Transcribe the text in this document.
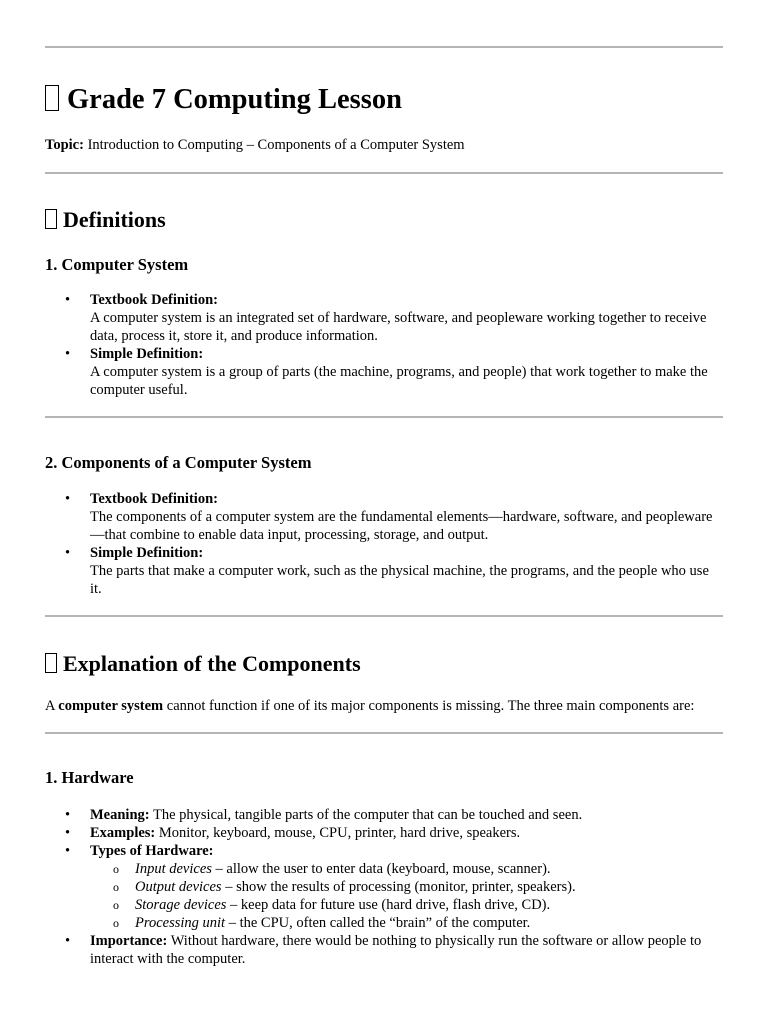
Grade 7 Computing Lesson

Topic: Introduction to Computing – Components of a Computer System

Definitions
1. Computer System
• Textbook Definition:
A computer system is an integrated set of hardware, software, and peopleware working together to receive data, process it, store it, and produce information.
• Simple Definition:
A computer system is a group of parts (the machine, programs, and people) that work together to make the computer useful.
2. Components of a Computer System
• Textbook Definition:
The components of a computer system are the fundamental elements—hardware, software, and peopleware—that combine to enable data input, processing, storage, and output.
• Simple Definition:
The parts that make a computer work, such as the physical machine, the programs, and the people who use it.
Explanation of the Components

A computer system cannot function if one of its major components is missing. The three main components are:

1. Hardware
• Meaning: The physical, tangible parts of the computer that can be touched and seen.
• Examples: Monitor, keyboard, mouse, CPU, printer, hard drive, speakers.
• Types of Hardware:
o Input devices – allow the user to enter data (keyboard, mouse, scanner).
o Output devices – show the results of processing (monitor, printer, speakers).
o Storage devices – keep data for future use (hard drive, flash drive, CD).
o Processing unit – the CPU, often called the “brain” of the computer.
• Importance: Without hardware, there would be nothing to physically run the software or allow people to interact with the computer.
